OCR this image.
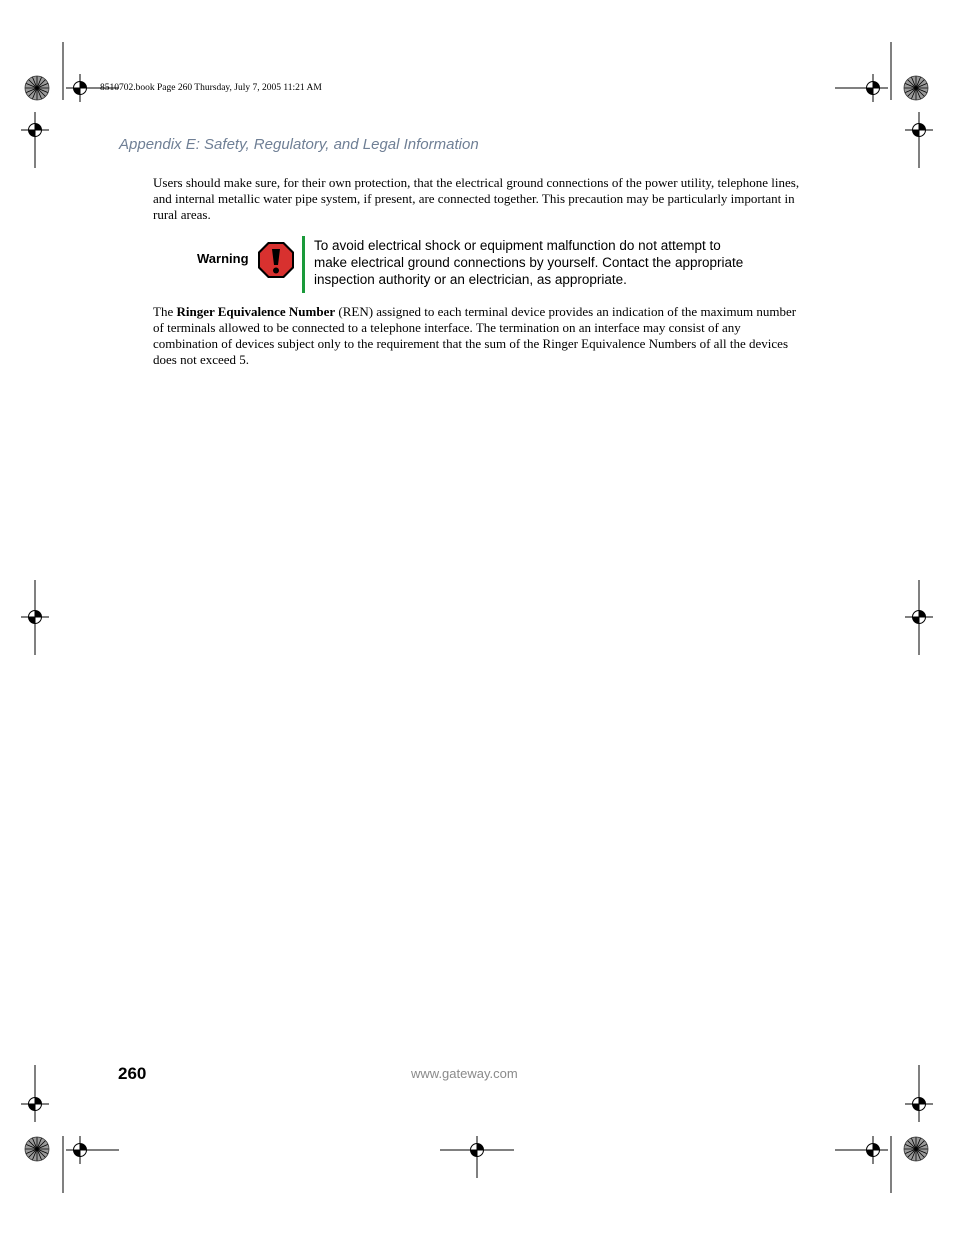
8510702.book Page 260 Thursday, July 7, 2005 11:21 AM
Appendix E: Safety, Regulatory, and Legal Information

Users should make sure, for their own protection, that the electrical ground connections of the power utility, telephone lines, and internal metallic water pipe system, if present, are connected together. This precaution may be particularly important in rural areas.

Warning

To avoid electrical shock or equipment malfunction do not attempt to make electrical ground connections by yourself. Contact the appropriate inspection authority or an electrician, as appropriate.

The Ringer Equivalence Number (REN) assigned to each terminal device provides an indication of the maximum number of terminals allowed to be connected to a telephone interface. The termination on an interface may consist of any combination of devices subject only to the requirement that the sum of the Ringer Equivalence Numbers of all the devices does not exceed 5.

260	www.gateway.com
